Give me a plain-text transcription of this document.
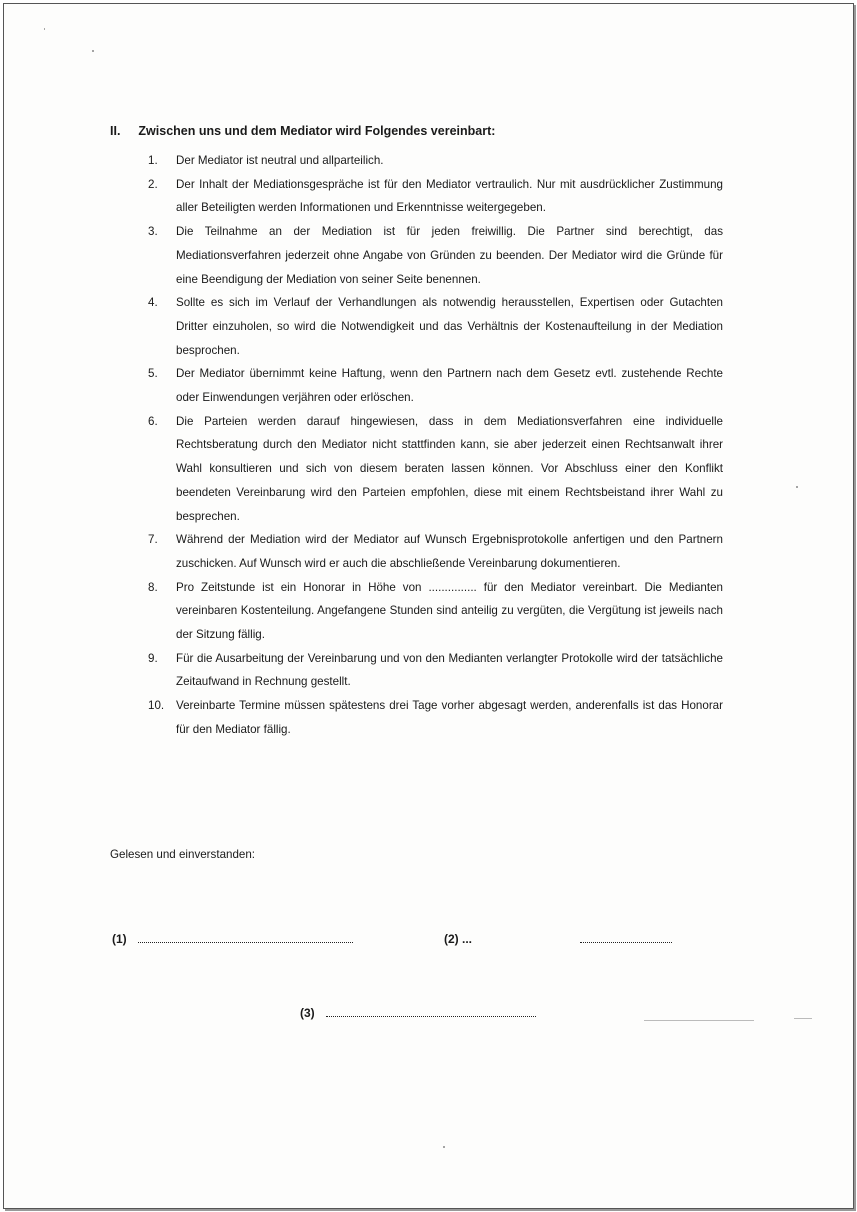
II. Zwischen uns und dem Mediator wird Folgendes vereinbart:
1.	Der Mediator ist neutral und allparteilich.
2.	Der Inhalt der Mediationsgespräche ist für den Mediator vertraulich. Nur mit ausdrücklicher Zustimmung aller Beteiligten werden Informationen und Erkenntnisse weitergegeben.
3.	Die Teilnahme an der Mediation ist für jeden freiwillig. Die Partner sind berechtigt, das Mediationsverfahren jederzeit ohne Angabe von Gründen zu beenden. Der Mediator wird die Gründe für eine Beendigung der Mediation von seiner Seite benennen.
4.	Sollte es sich im Verlauf der Verhandlungen als notwendig herausstellen, Expertisen oder Gutachten Dritter einzuholen, so wird die Notwendigkeit und das Verhältnis der Kostenaufteilung in der Mediation besprochen.
5.	Der Mediator übernimmt keine Haftung, wenn den Partnern nach dem Gesetz evtl. zustehende Rechte oder Einwendungen verjähren oder erlöschen.
6.	Die Parteien werden darauf hingewiesen, dass in dem Mediationsverfahren eine individuelle Rechtsberatung durch den Mediator nicht stattfinden kann, sie aber jederzeit einen Rechtsanwalt ihrer Wahl konsultieren und sich von diesem beraten lassen können. Vor Abschluss einer den Konflikt beendeten Vereinbarung wird den Parteien empfohlen, diese mit einem Rechtsbeistand ihrer Wahl zu besprechen.
7.	Während der Mediation wird der Mediator auf Wunsch Ergebnisprotokolle anfertigen und den Partnern zuschicken. Auf Wunsch wird er auch die abschließende Vereinbarung dokumentieren.
8.	Pro Zeitstunde ist ein Honorar in Höhe von ............... für den Mediator vereinbart. Die Medianten vereinbaren Kostenteilung. Angefangene Stunden sind anteilig zu vergüten, die Vergütung ist jeweils nach der Sitzung fällig.
9.	Für die Ausarbeitung der Vereinbarung und von den Medianten verlangter Protokolle wird der tatsächliche Zeitaufwand in Rechnung gestellt.
10.	Vereinbarte Termine müssen spätestens drei Tage vorher abgesagt werden, anderenfalls ist das Honorar für den Mediator fällig.
Gelesen und einverstanden:
(1)	(2) ...
(3)
